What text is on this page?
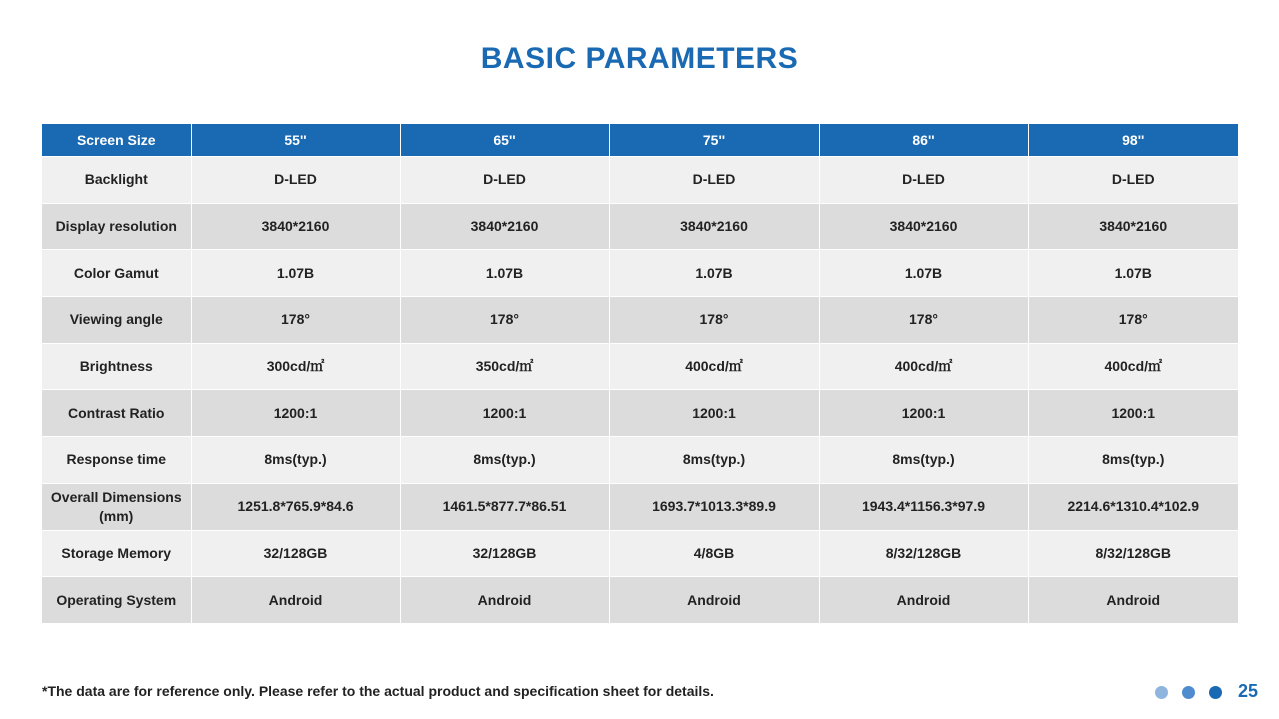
BASIC PARAMETERS
Screen Size	55''	65''	75''	86''	98''
Backlight	D-LED	D-LED	D-LED	D-LED	D-LED
Display resolution	3840*2160	3840*2160	3840*2160	3840*2160	3840*2160
Color Gamut	1.07B	1.07B	1.07B	1.07B	1.07B
Viewing angle	178°	178°	178°	178°	178°
Brightness	300cd/㎡	350cd/㎡	400cd/㎡	400cd/㎡	400cd/㎡
Contrast Ratio	1200:1	1200:1	1200:1	1200:1	1200:1
Response time	8ms(typ.)	8ms(typ.)	8ms(typ.)	8ms(typ.)	8ms(typ.)
Overall Dimensions (mm)	1251.8*765.9*84.6	1461.5*877.7*86.51	1693.7*1013.3*89.9	1943.4*1156.3*97.9	2214.6*1310.4*102.9
Storage Memory	32/128GB	32/128GB	4/8GB	8/32/128GB	8/32/128GB
Operating System	Android	Android	Android	Android	Android
*The data are for reference only. Please refer to the actual product and specification sheet for details.	25
